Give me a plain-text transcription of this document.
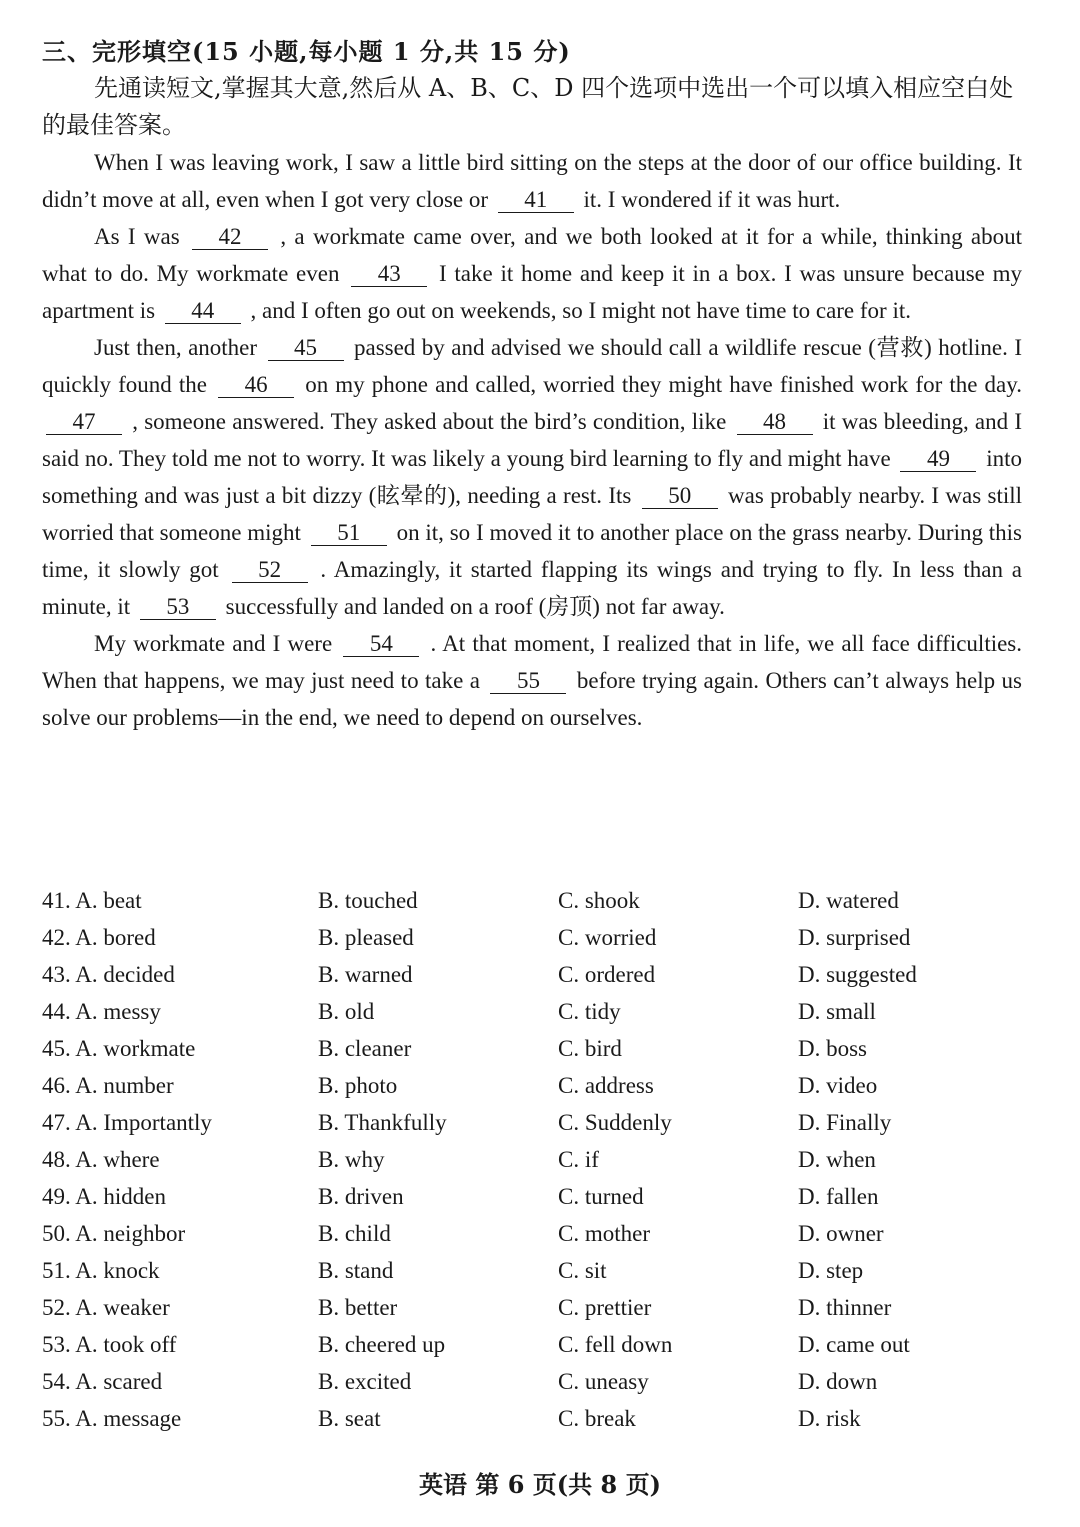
三、完形填空(15 小题,每小题 1 分,共 15 分)
先通读短文,掌握其大意,然后从 A、B、C、D 四个选项中选出一个可以填入相应空白处的最佳答案。

When I was leaving work, I saw a little bird sitting on the steps at the door of our office building. It didn’t move at all, even when I got very close or 41 it. I wondered if it was hurt.

As I was 42 , a workmate came over, and we both looked at it for a while, thinking about what to do. My workmate even 43 I take it home and keep it in a box. I was unsure because my apartment is 44 , and I often go out on weekends, so I might not have time to care for it.

Just then, another 45 passed by and advised we should call a wildlife rescue (营救) hotline. I quickly found the 46 on my phone and called, worried they might have finished work for the day. 47 , someone answered. They asked about the bird’s condition, like 48 it was bleeding, and I said no. They told me not to worry. It was likely a young bird learning to fly and might have 49 into something and was just a bit dizzy (眩晕的), needing a rest. Its 50 was probably nearby. I was still worried that someone might 51 on it, so I moved it to another place on the grass nearby. During this time, it slowly got 52 . Amazingly, it started flapping its wings and trying to fly. In less than a minute, it 53 successfully and landed on a roof (房顶) not far away.

My workmate and I were 54 . At that moment, I realized that in life, we all face difficulties. When that happens, we may just need to take a 55 before trying again. Others can’t always help us solve our problems—in the end, we need to depend on ourselves.

41. A. beat	B. touched	C. shook	D. watered
42. A. bored	B. pleased	C. worried	D. surprised
43. A. decided	B. warned	C. ordered	D. suggested
44. A. messy	B. old	C. tidy	D. small
45. A. workmate	B. cleaner	C. bird	D. boss
46. A. number	B. photo	C. address	D. video
47. A. Importantly	B. Thankfully	C. Suddenly	D. Finally
48. A. where	B. why	C. if	D. when
49. A. hidden	B. driven	C. turned	D. fallen
50. A. neighbor	B. child	C. mother	D. owner
51. A. knock	B. stand	C. sit	D. step
52. A. weaker	B. better	C. prettier	D. thinner
53. A. took off	B. cheered up	C. fell down	D. came out
54. A. scared	B. excited	C. uneasy	D. down
55. A. message	B. seat	C. break	D. risk
英语 第 6 页(共 8 页)
